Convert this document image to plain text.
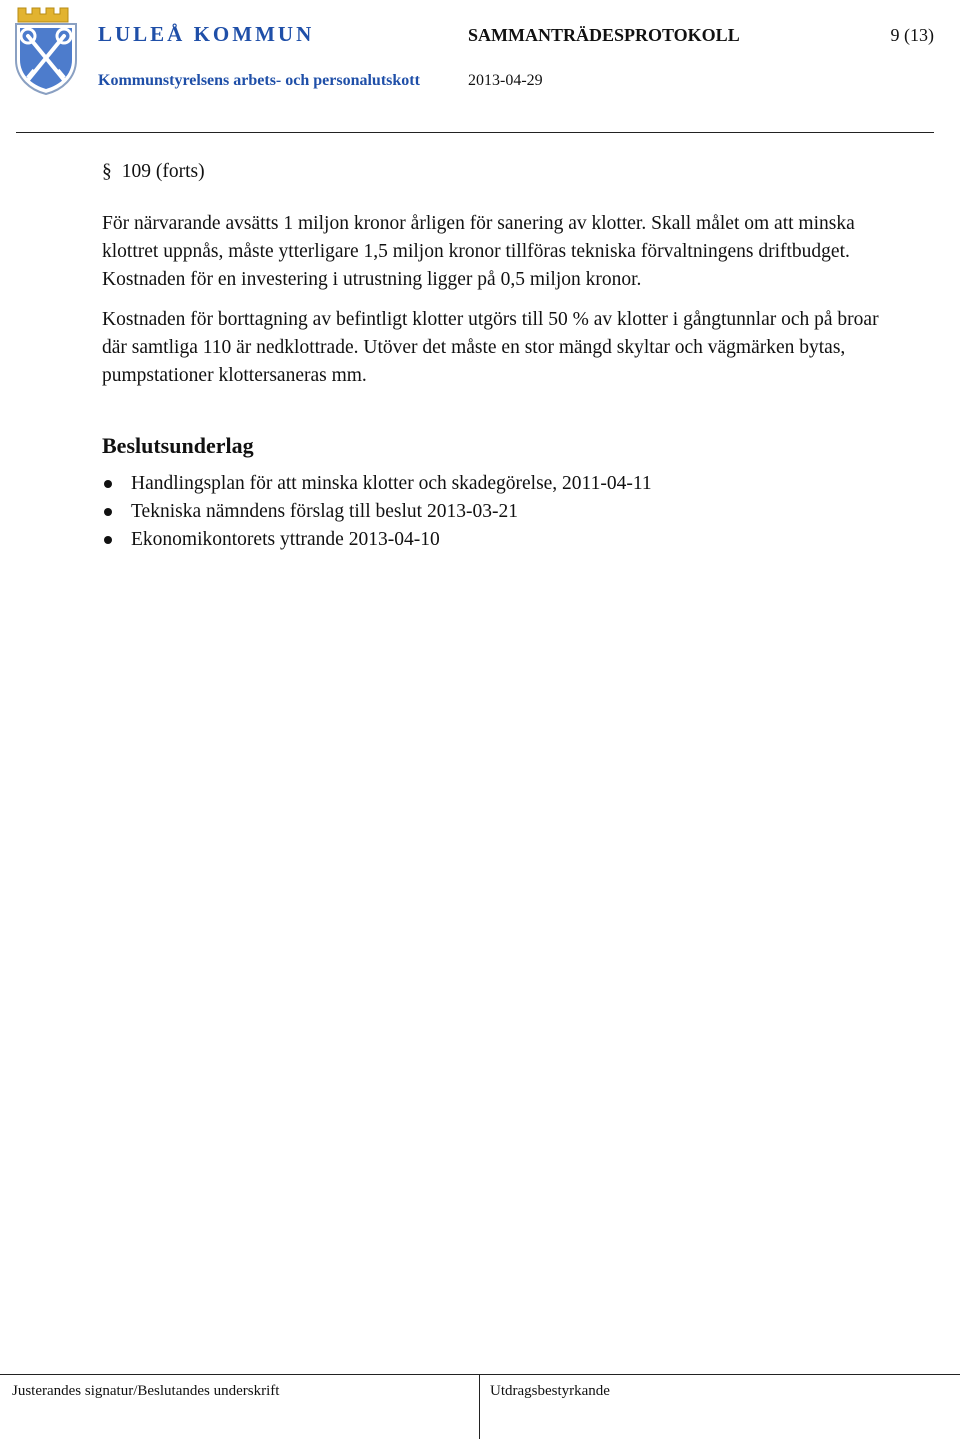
LULEÅ KOMMUN	SAMMANTRÄDESPROTOKOLL	9 (13)
Kommunstyrelsens arbets- och personalutskott	2013-04-29
§ 109 (forts)

För närvarande avsätts 1 miljon kronor årligen för sanering av klotter. Skall målet om att minska klottret uppnås, måste ytterligare 1,5 miljon kronor tillföras tekniska förvaltningens driftbudget. Kostnaden för en investering i utrustning ligger på 0,5 miljon kronor.

Kostnaden för borttagning av befintligt klotter utgörs till 50 % av klotter i gångtunnlar och på broar där samtliga 110 är nedklottrade. Utöver det måste en stor mängd skyltar och vägmärken bytas, pumpstationer klottersaneras mm.

Beslutsunderlag
Handlingsplan för att minska klotter och skadegörelse, 2011-04-11
Tekniska nämndens förslag till beslut 2013-03-21
Ekonomikontorets yttrande 2013-04-10
Justerandes signatur/Beslutandes underskrift	Utdragsbestyrkande
